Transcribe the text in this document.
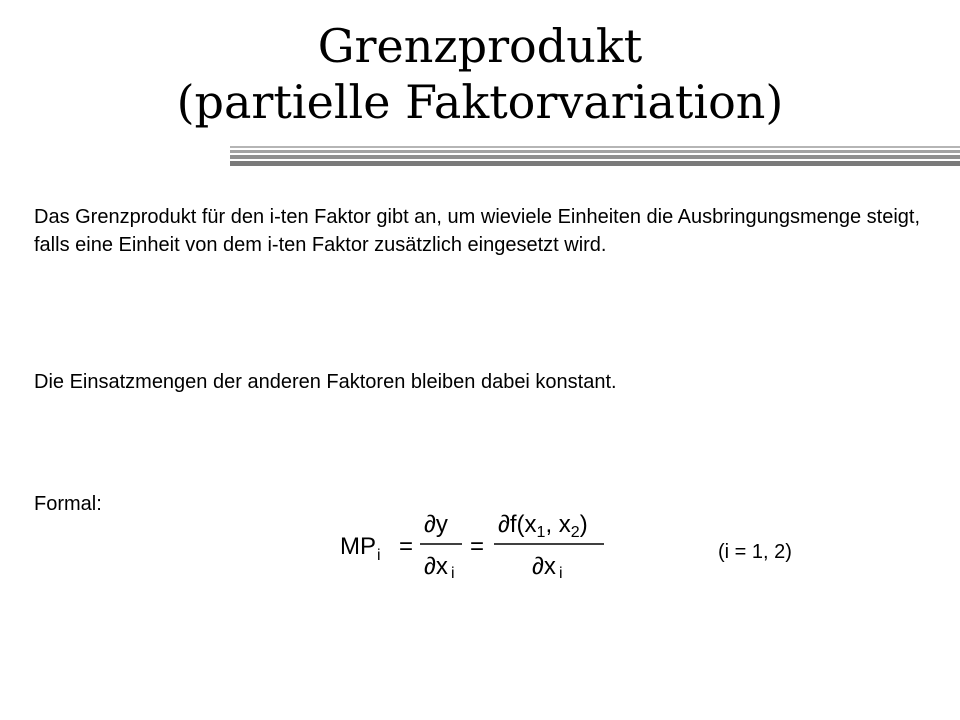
Grenzprodukt
(partielle Faktorvariation)
Das Grenzprodukt für den i-ten Faktor gibt an, um wieviele Einheiten die Ausbringungsmenge steigt, falls eine Einheit von dem i-ten Faktor zusätzlich eingesetzt wird.
Die Einsatzmengen der anderen Faktoren bleiben dabei konstant.
Formal:
MP i =
∂y
∂x i
=
$\partial f(x_1$, $x_2$)
∂x i
(i = 1, 2)
